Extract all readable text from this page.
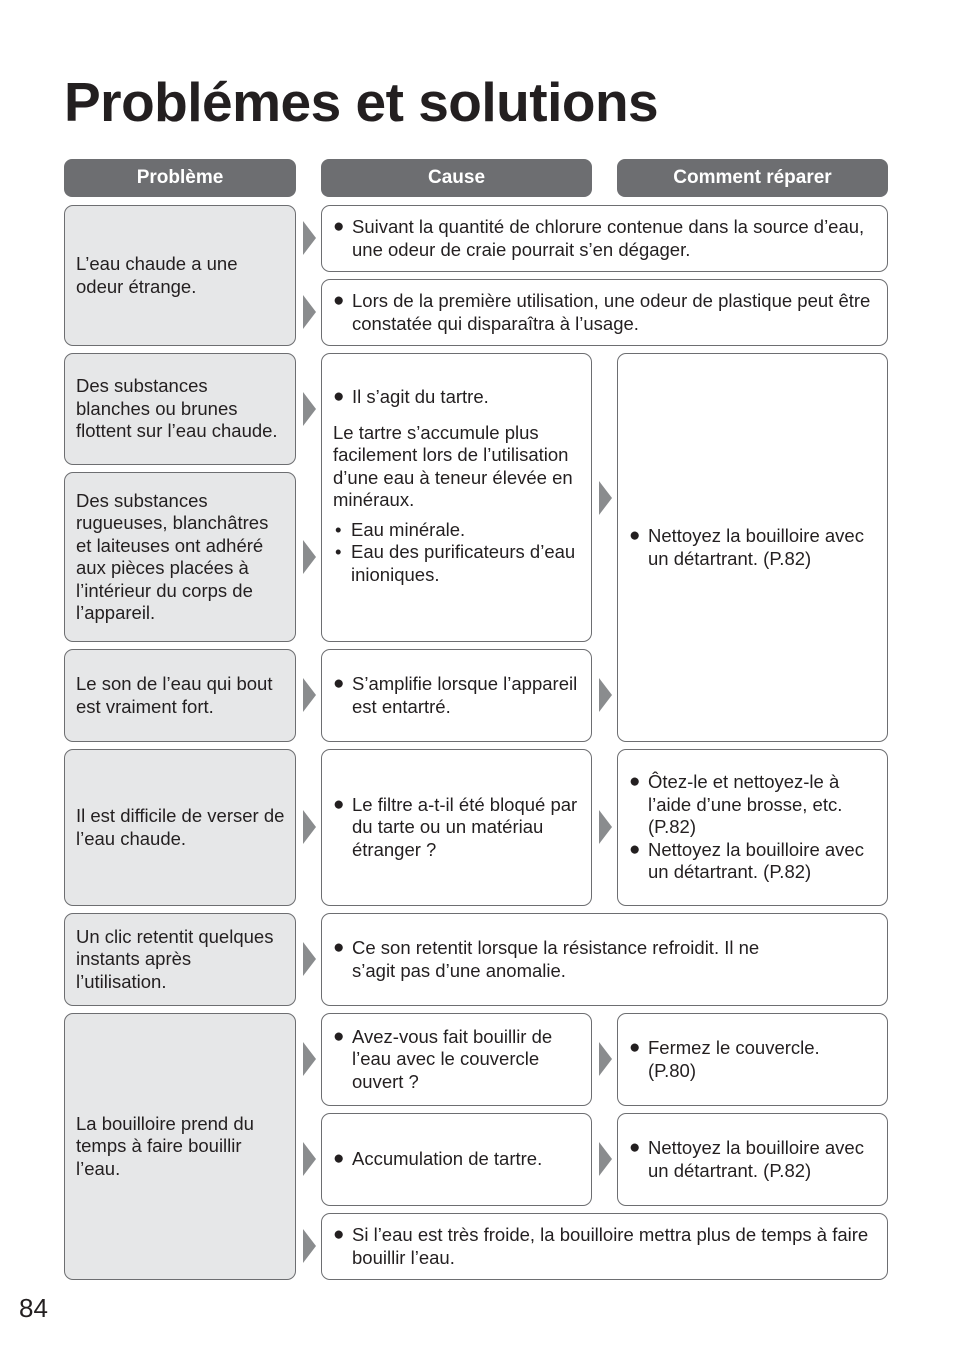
Problémes et solutions
Problème	Cause	Comment réparer
L’eau chaude a une odeur étrange.
● Suivant la quantité de chlorure contenue dans la source d’eau, une odeur de craie pourrait s’en dégager.
● Lors de la première utilisation, une odeur de plastique peut être constatée qui disparaîtra à l’usage.
Des substances blanches ou brunes flottent sur l’eau chaude.
Des substances rugueuses, blanchâtres et laiteuses ont adhéré aux pièces placées à l’intérieur du corps de l’appareil.
● Il s’agit du tartre.
Le tartre s’accumule plus facilement lors de l’utilisation d’une eau à teneur élevée en minéraux.
• Eau minérale.
• Eau des purificateurs d’eau inioniques.
● Nettoyez la bouilloire avec un détartrant. (P.82)
Le son de l’eau qui bout est vraiment fort.
● S’amplifie lorsque l’appareil est entartré.
Il est difficile de verser de l’eau chaude.
● Le filtre a-t-il été bloqué par du tarte ou un matériau étranger ?
● Ôtez-le et nettoyez-le à l’aide d’une brosse, etc. (P.82)
● Nettoyez la bouilloire avec un détartrant. (P.82)
Un clic retentit quelques instants après l’utilisation.
● Ce son retentit lorsque la résistance refroidit. Il ne s’agit pas d’une anomalie.
La bouilloire prend du temps à faire bouillir l’eau.
● Avez-vous fait bouillir de l’eau avec le couvercle ouvert ?
● Fermez le couvercle. (P.80)
● Accumulation de tartre.
● Nettoyez la bouilloire avec un détartrant. (P.82)
● Si l’eau est très froide, la bouilloire mettra plus de temps à faire bouillir l’eau.
84
